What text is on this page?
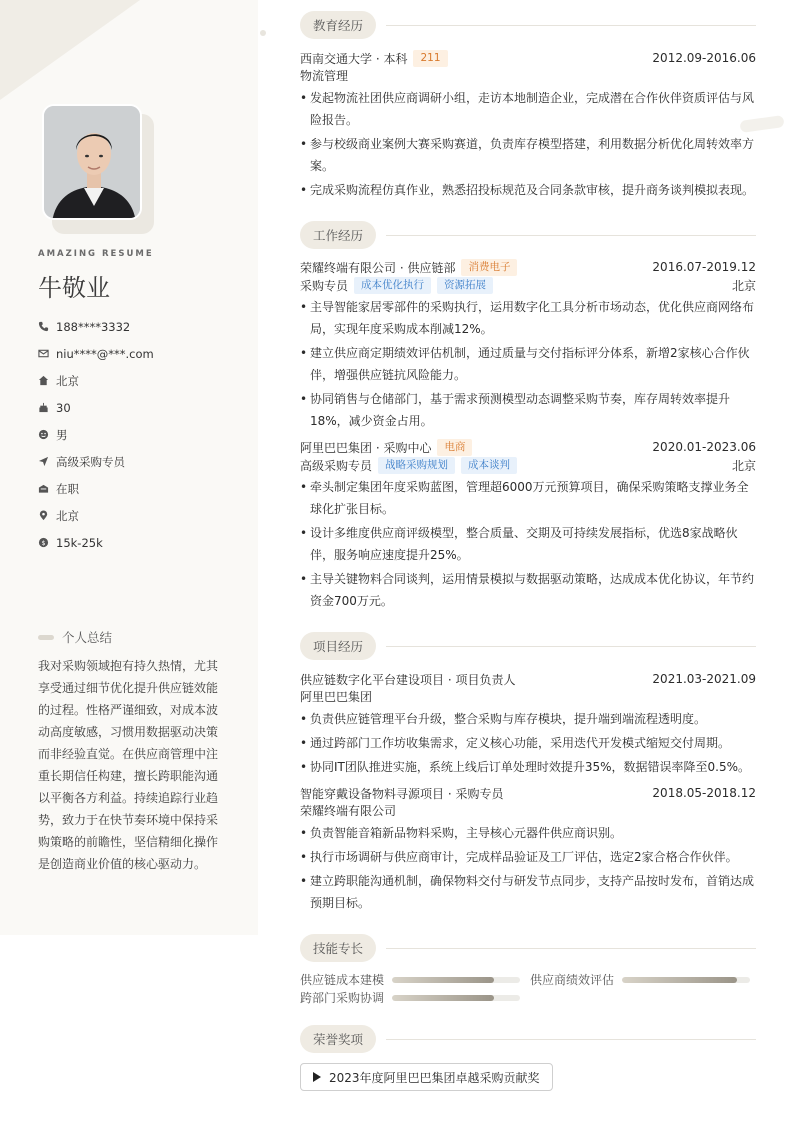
AMAZING RESUME
牛敬业
188****3332
niu****@***.com
北京
30
男
高级采购专员
在职
北京
$ 15k-25k
个人总结
我对采购领域抱有持久热情，尤其享受通过细节优化提升供应链效能的过程。性格严谨细致，对成本波动高度敏感，习惯用数据驱动决策而非经验直觉。在供应商管理中注重长期信任构建，擅长跨职能沟通以平衡各方利益。持续追踪行业趋势，致力于在快节奏环境中保持采购策略的前瞻性，坚信精细化操作是创造商业价值的核心驱动力。
教育经历
西南交通大学 · 本科	211	2012.09-2016.06
物流管理
• 发起物流社团供应商调研小组，走访本地制造企业，完成潜在合作伙伴资质评估与风险报告。
• 参与校级商业案例大赛采购赛道，负责库存模型搭建，利用数据分析优化周转效率方案。
• 完成采购流程仿真作业，熟悉招投标规范及合同条款审核，提升商务谈判模拟表现。
工作经历
荣耀终端有限公司 · 供应链部	消费电子	2016.07-2019.12
采购专员	成本优化执行	资源拓展	北京
• 主导智能家居零部件的采购执行，运用数字化工具分析市场动态，优化供应商网络布局，实现年度采购成本削减12%。
• 建立供应商定期绩效评估机制，通过质量与交付指标评分体系，新增2家核心合作伙伴，增强供应链抗风险能力。
• 协同销售与仓储部门，基于需求预测模型动态调整采购节奏，库存周转效率提升18%，减少资金占用。
阿里巴巴集团 · 采购中心	电商	2020.01-2023.06
高级采购专员	战略采购规划	成本谈判	北京
• 牵头制定集团年度采购蓝图，管理超6000万元预算项目，确保采购策略支撑业务全球化扩张目标。
• 设计多维度供应商评级模型，整合质量、交期及可持续发展指标，优选8家战略伙伴，服务响应速度提升25%。
• 主导关键物料合同谈判，运用情景模拟与数据驱动策略，达成成本优化协议，年节约资金700万元。
项目经历
供应链数字化平台建设项目 · 项目负责人	2021.03-2021.09
阿里巴巴集团
• 负责供应链管理平台升级，整合采购与库存模块，提升端到端流程透明度。
• 通过跨部门工作坊收集需求，定义核心功能，采用迭代开发模式缩短交付周期。
• 协同IT团队推进实施，系统上线后订单处理时效提升35%，数据错误率降至0.5%。
智能穿戴设备物料寻源项目 · 采购专员	2018.05-2018.12
荣耀终端有限公司
• 负责智能音箱新品物料采购，主导核心元器件供应商识别。
• 执行市场调研与供应商审计，完成样品验证及工厂评估，选定2家合格合作伙伴。
• 建立跨职能沟通机制，确保物料交付与研发节点同步，支持产品按时发布，首销达成预期目标。
技能专长
供应链成本建模	供应商绩效评估
跨部门采购协调
荣誉奖项
2023年度阿里巴巴集团卓越采购贡献奖
